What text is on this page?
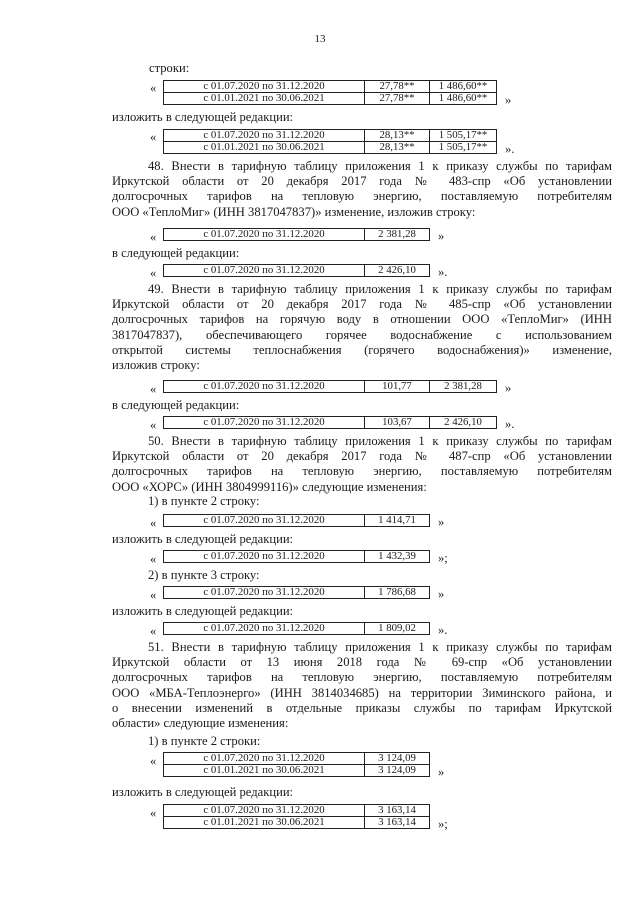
13
строки:
«	с 01.07.2020 по 31.12.2020	27,78**	1 486,60**
с 01.01.2021 по 30.06.2021	27,78**	1 486,60** »
изложить в следующей редакции:
«	с 01.07.2020 по 31.12.2020	28,13**	1 505,17**
с 01.01.2021 по 30.06.2021	28,13**	1 505,17** ».
48. Внести в тарифную таблицу приложения 1 к приказу службы по тарифам
Иркутской области от 20 декабря 2017 года № 483-спр «Об установлении
долгосрочных тарифов на тепловую энергию, поставляемую потребителям
ООО «ТеплоМиг» (ИНН 3817047837)» изменение, изложив строку:
«	с 01.07.2020 по 31.12.2020	2 381,28 »
в следующей редакции:
«	с 01.07.2020 по 31.12.2020	2 426,10 ».
49. Внести в тарифную таблицу приложения 1 к приказу службы по тарифам
Иркутской области от 20 декабря 2017 года № 485-спр «Об установлении
долгосрочных тарифов на горячую воду в отношении ООО «ТеплоМиг» (ИНН
3817047837), обеспечивающего горячее водоснабжение с использованием
открытой системы теплоснабжения (горячего водоснабжения)» изменение,
изложив строку:
«	с 01.07.2020 по 31.12.2020	101,77	2 381,28 »
в следующей редакции:
«	с 01.07.2020 по 31.12.2020	103,67	2 426,10 ».
50. Внести в тарифную таблицу приложения 1 к приказу службы по тарифам
Иркутской области от 20 декабря 2017 года № 487-спр «Об установлении
долгосрочных тарифов на тепловую энергию, поставляемую потребителям
ООО «ХОРС» (ИНН 3804999116)» следующие изменения:
1) в пункте 2 строку:
«	с 01.07.2020 по 31.12.2020	1 414,71 »
изложить в следующей редакции:
«	с 01.07.2020 по 31.12.2020	1 432,39 »;
2) в пункте 3 строку:
«	с 01.07.2020 по 31.12.2020	1 786,68 »
изложить в следующей редакции:
«	с 01.07.2020 по 31.12.2020	1 809,02 ».
51. Внести в тарифную таблицу приложения 1 к приказу службы по тарифам
Иркутской области от 13 июня 2018 года № 69-спр «Об установлении
долгосрочных тарифов на тепловую энергию, поставляемую потребителям
ООО «МБА-Теплоэнерго» (ИНН 3814034685) на территории Зиминского района, и
о внесении изменений в отдельные приказы службы по тарифам Иркутской
области» следующие изменения:
1) в пункте 2 строки:
«	с 01.07.2020 по 31.12.2020	3 124,09
с 01.01.2021 по 30.06.2021	3 124,09 »
изложить в следующей редакции:
«	с 01.07.2020 по 31.12.2020	3 163,14
с 01.01.2021 по 30.06.2021	3 163,14 »;
